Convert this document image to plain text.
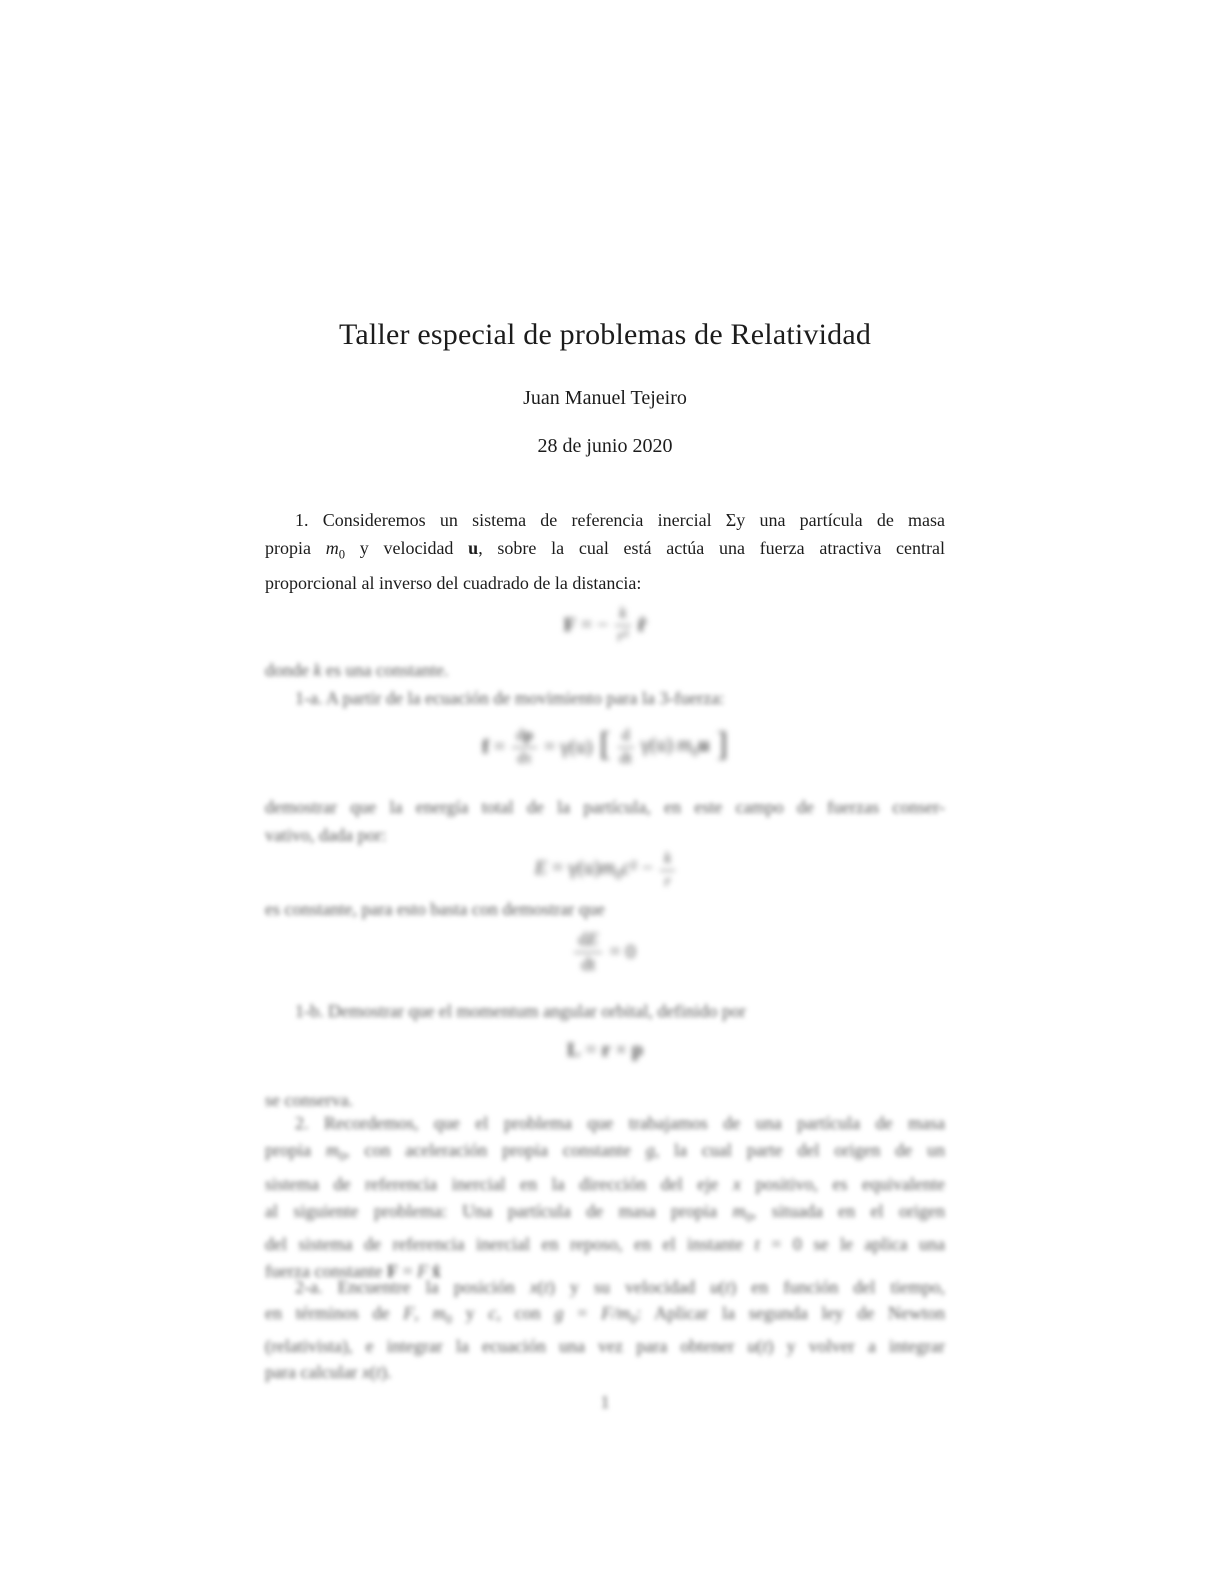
Taller especial de problemas de Relatividad
Juan Manuel Tejeiro
28 de junio 2020
1. Consideremos un sistema de referencia inercial Σy una partícula de masa
propia $m_0$ y velocidad u, sobre la cual está actúa una fuerza atractiva central
proporcional al inverso del cuadrado de la distancia:
F = − $\frac{k}{\text{r²}}$ r̂
donde k es una constante.
1-a. A partir de la ecuación de movimiento para la 3-fuerza:
$f = \frac{dp}{d\tau} = \gamma(u)$ [ $\frac{d}{dt} \gamma(u)$ $m_0u$ ]
demostrar que la energía total de la partícula, en este campo de fuerzas conser-
vativo, dada por:
$E = \gamma(u)m_0c^2 - \frac{k}{r}$
es constante, para esto basta con demostrar que
$\frac{dE}{dt} = 0$
1-b. Demostrar que el momentum angular orbital, definido por
L = r × p
se conserva.
2. Recordemos, que el problema que trabajamos de una partícula de masa
propia $m_0$, con aceleración propia constante g, la cual parte del origen de un
sistema de referencia inercial en la dirección del eje x positivo, es equivalente
al siguiente problema: Una partícula de masa propia $m_0$, situada en el origen
del sistema de referencia inercial en reposo, en el instante t = 0 se le aplica una
fuerza constante F = F  x̂
2-a. Encuentre la posición x(t) y su velocidad u(t) en función del tiempo,
en términos de F, $m_0$ y c, con $g = F/m_0$: Aplicar la segunda ley de Newton
(relativista), e integrar la ecuación una vez para obtener u(t) y volver a integrar
para calcular x(t).
1
